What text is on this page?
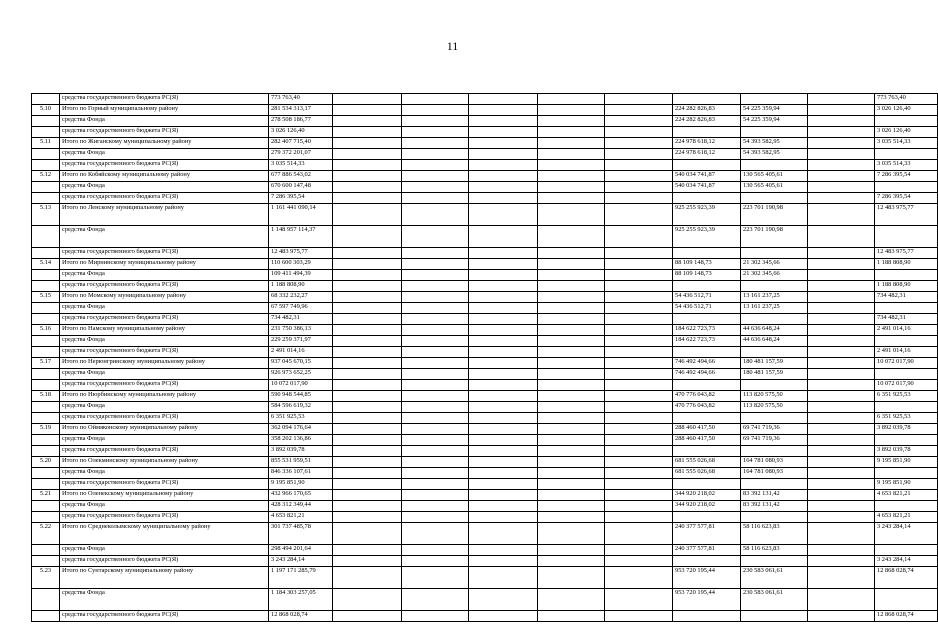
11
	средства государственного бюджета РС(Я)	773 763,40									773 763,40
5.10	Итого по Горный муниципальному району	281 534 313,17						224 282 826,83	54 225 359,94		3 026 126,40
	средства Фонда	278 508 186,77						224 282 826,83	54 225 359,94		
	средства государственного бюджета РС(Я)	3 026 126,40									3 026 126,40
5.11	Итого по Жиганскому муниципальному району	282 407 715,40						224 978 618,12	54 393 582,95		3 035 514,33
	средства Фонда	279 372 201,07						224 978 618,12	54 393 582,95		
	средства государственного бюджета РС(Я)	3 035 514,33									3 035 514,33
5.12	Итого по Кобяйскому муниципальному району	677 886 543,02						540 034 741,87	130 565 405,61		7 286 395,54
	средства Фонда	670 600 147,48						540 034 741,87	130 565 405,61		
	средства государственного бюджета РС(Я)	7 286 395,54									7 286 395,54
5.13	Итого по Ленскому муниципальному району	1 161 441 090,14						925 255 923,39	223 701 190,98		12 483 975,77
	средства Фонда	1 148 957 114,37						925 255 923,39	223 701 190,98		
	средства государственного бюджета РС(Я)	12 483 975,77									12 483 975,77
5.14	Итого по Мирнинскому муниципальному району	110 600 303,29						88 109 148,73	21 302 345,66		1 188 808,90
	средства Фонда	109 411 494,39						88 109 148,73	21 302 345,66		
	средства государственного бюджета РС(Я)	1 188 808,90									1 188 808,90
5.15	Итого по Момскому муниципальному району	68 332 232,27						54 436 512,71	13 161 237,25		734 482,31
	средства Фонда	67 597 749,96						54 436 512,71	13 161 237,25		
	средства государственного бюджета РС(Я)	734 482,31									734 482,31
5.16	Итого по Намскому муниципальному району	231 750 386,13						184 622 723,73	44 636 648,24		2 491 014,16
	средства Фонда	229 259 371,97						184 622 723,73	44 636 648,24		
	средства государственного бюджета РС(Я)	2 491 014,16									2 491 014,16
5.17	Итого по Нерюнгринскому муниципальному району	937 045 670,15						746 492 494,66	180 481 157,59		10 072 017,90
	средства Фонда	926 973 652,25						746 492 494,66	180 481 157,59		
	средства государственного бюджета РС(Я)	10 072 017,90									10 072 017,90
5.18	Итого по Нюрбинскому муниципальному району	590 948 544,85						470 776 043,82	113 820 575,50		6 351 925,53
	средства Фонда	584 596 619,32						470 776 043,82	113 820 575,50		
	средства государственного бюджета РС(Я)	6 351 925,53									6 351 925,53
5.19	Итого по Оймяконскому муниципальному району	362 094 176,64						288 460 417,50	69 741 719,36		3 892 039,78
	средства Фонда	358 202 136,86						288 460 417,50	69 741 719,36		
	средства государственного бюджета РС(Я)	3 892 039,78									3 892 039,78
5.20	Итого по Олекминскому муниципальному району	855 531 959,51						681 555 026,68	164 781 080,93		9 195 851,90
	средства Фонда	846 336 107,61						681 555 026,68	164 781 080,93		
	средства государственного бюджета РС(Я)	9 195 851,90									9 195 851,90
5.21	Итого по Оленекскому муниципальному району	432 966 170,65						344 920 218,02	83 392 131,42		4 653 821,21
	средства Фонда	428 312 349,44						344 920 218,02	83 392 131,42		
	средства государственного бюджета РС(Я)	4 653 821,21									4 653 821,21
5.22	Итого по Среднеколымскому муниципальному району	301 737 485,78						240 377 577,81	58 116 623,83		3 243 284,14
	средства Фонда	298 494 201,64						240 377 577,81	58 116 623,83		
	средства государственного бюджета РС(Я)	3 243 284,14									3 243 284,14
5.23	Итого по Сунтарскому муниципальному району	1 197 171 285,79						953 720 195,44	230 583 061,61		12 868 028,74
	средства Фонда	1 184 303 257,05						953 720 195,44	230 583 061,61		
	средства государственного бюджета РС(Я)	12 868 028,74									12 868 028,74
